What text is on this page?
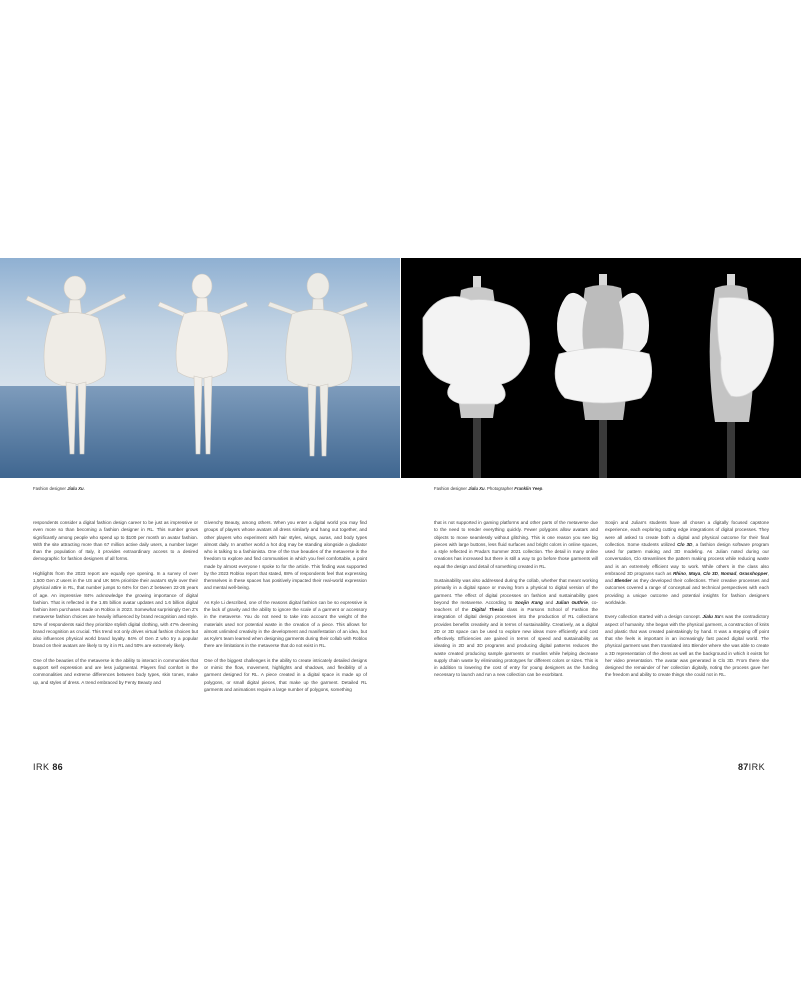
Fashion designer Jialu Xu.	Fashion designer Jialu Xu. Photographer Franklin Yeep.

respondents consider a digital fashion design career to be just as impressive or even more so than becoming a fashion designer in RL. This number grows significantly among people who spend up to $100 per month on avatar fashion. With the site attracting more than 67 million active daily users, a number larger than the population of Italy, it provides extraordinary access to a desired demographic for fashion designers of all forms.

Highlights from the 2023 report are equally eye opening. In a survey of over 1,500 Gen Z users in the US and UK 56% prioritize their avatar's style over their physical attire in RL, that number jumps to 64% for Gen Z between 22-26 years of age. An impressive 84% acknowledge the growing importance of digital fashion. That is reflected in the 1.65 billion avatar updates and 1.6 billion digital fashion item purchases made on Roblox in 2023. Somewhat surprisingly Gen Z's metaverse fashion choices are heavily influenced by brand recognition and style. 52% of respondents said they prioritize stylish digital clothing, with 47% deeming brand recognition as crucial. This trend not only drives virtual fashion choices but also influences physical world brand loyalty. 84% of Gen Z who try a popular brand on their avatars are likely to try it in RL and 50% are extremely likely.

One of the beauties of the metaverse is the ability to interact in communities that support self expression and are less judgmental. Players find comfort in the commonalities and extreme differences between body types, skin tones, make up, and styles of dress. A trend embraced by Fenty Beauty and

Givenchy Beauty, among others. When you enter a digital world you may find groups of players whose avatars all dress similarly and hang out together, and other players who experiment with hair styles, wings, auras, and body types almost daily. In another world a hot dog may be standing alongside a gladiator who is talking to a fashionista. One of the true beauties of the metaverse is the freedom to explore and find communities in which you feel comfortable, a point made by almost everyone I spoke to for the article. This finding was supported by the 2023 Roblox report that stated, 88% of respondents feel that expressing themselves in these spaces has positively impacted their real-world expression and mental well-being.

As Kyle Li described, one of the reasons digital fashion can be so expressive is the lack of gravity and the ability to ignore the scale of a garment or accessory in the metaverse. You do not need to take into account the weight of the materials used nor potential waste in the creation of a piece. This allows for almost unlimited creativity in the development and manifestation of an idea, but as Kyle's team learned when designing garments during their collab with Roblox there are limitations in the metaverse that do not exist in RL.

One of the biggest challenges is the ability to create intricately detailed designs or mimic the flow, movement, highlights and shadows, and flexibility of a garment designed for RL. A piece created in a digital space is made up of polygons, or small digital pieces, that make up the garment. Detailed RL garments and animations require a large number of polygons, something

that is not supported in gaming platforms and other parts of the metaverse due to the need to render everything quickly. Fewer polygons allow avatars and objects to move seamlessly without glitching. This is one reason you see big pieces with large buttons, less fluid surfaces and bright colors in online spaces, a style reflected in Prada's Summer 2021 collection. The detail in many online creations has increased but there is still a way to go before those garments will equal the design and detail of something created in RL.

Sustainability was also addressed during the collab, whether that meant working primarily in a digital space or moving from a physical to digital version of the garment. The effect of digital processes on fashion and sustainability goes beyond the metaverse. According to Soojin Kang and Julian Guthrie, co-teachers of the Digital Thesis class in Parsons School of Fashion the integration of digital design processes into the production of RL collections provides benefits creativity and in terms of sustainability. Creatively, as a digital 2D or 3D space can be used to explore new ideas more efficiently and cost effectively. Efficiencies are gained in terms of speed and sustainability as ideating in 2D and 3D programs and producing digital patterns reduces the waste created producing sample garments or muslins while helping decrease supply chain waste by eliminating prototypes for different colors or sizes. This is in addition to lowering the cost of entry for young designers as the funding necessary to launch and run a new collection can be exorbitant.

Soojin and Julian's students have all chosen a digitally focused capstone experience, each exploring cutting edge integrations of digital processes. They were all asked to create both a digital and physical outcome for their final collection. Some students utilized Clo 3D, a fashion design software program used for pattern making and 3D modeling. As Julian noted during our conversation, Clo streamlines the pattern making process while reducing waste and is an extremely efficient way to work. While others in the class also embraced 3D programs such as Rhino, Maya, Clo 3D, Nomad, Grasshopper, and Blender as they developed their collections. Their creative processes and outcomes covered a range of conceptual and technical perspectives with each providing a unique outcome and potential insights for fashion designers worldwide.

Every collection started with a design concept. Jialu Xu's was the contradictory aspect of humanity. She began with the physical garment, a construction of knits and plastic that was created painstakingly by hand. It was a stepping off point that she feels is important in an increasingly fast paced digital world. The physical garment was then translated into Blender where she was able to create a 3D representation of the dress as well as the background in which it exists for her video presentation. The avatar was generated in Clo 3D. From there she designed the remainder of her collection digitally, noting the process gave her the freedom and ability to create things she could not in RL.

IRK 86	87IRK
